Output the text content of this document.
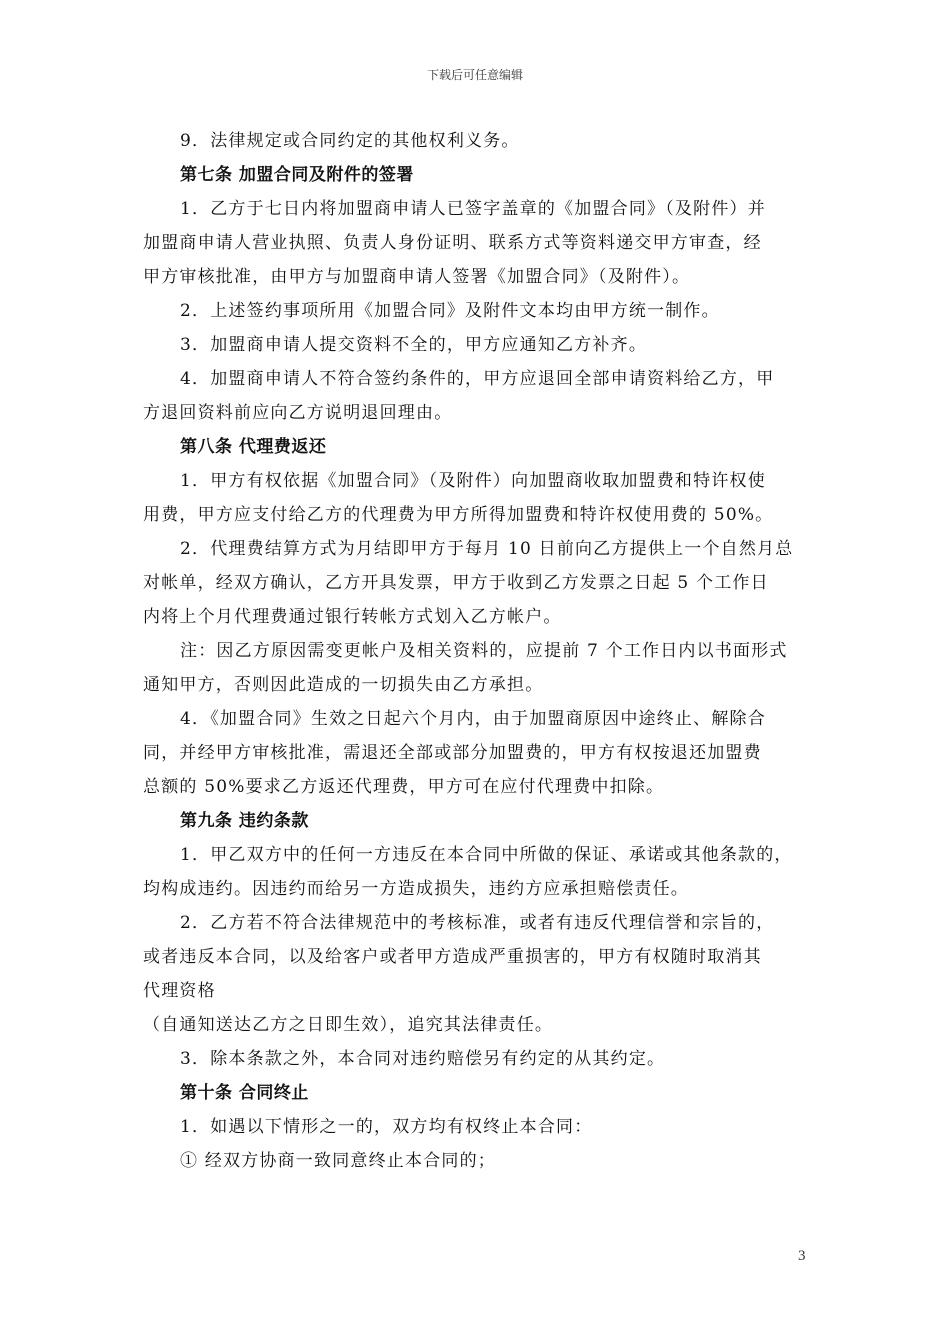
下载后可任意编辑
9．法律规定或合同约定的其他权利义务。
第七条 加盟合同及附件的签署
1．乙方于七日内将加盟商申请人已签字盖章的《加盟合同》（及附件）并
加盟商申请人营业执照、负责人身份证明、联系方式等资料递交甲方审查，经
甲方审核批准，由甲方与加盟商申请人签署《加盟合同》（及附件）。
2．上述签约事项所用《加盟合同》及附件文本均由甲方统一制作。
3．加盟商申请人提交资料不全的，甲方应通知乙方补齐。
4．加盟商申请人不符合签约条件的，甲方应退回全部申请资料给乙方，甲
方退回资料前应向乙方说明退回理由。
第八条 代理费返还
1．甲方有权依据《加盟合同》（及附件）向加盟商收取加盟费和特许权使
用费，甲方应支付给乙方的代理费为甲方所得加盟费和特许权使用费的 50%。
2．代理费结算方式为月结即甲方于每月 10 日前向乙方提供上一个自然月总
对帐单，经双方确认，乙方开具发票，甲方于收到乙方发票之日起 5 个工作日
内将上个月代理费通过银行转帐方式划入乙方帐户。
注：因乙方原因需变更帐户及相关资料的，应提前 7 个工作日内以书面形式
通知甲方，否则因此造成的一切损失由乙方承担。
4．《加盟合同》生效之日起六个月内，由于加盟商原因中途终止、解除合
同，并经甲方审核批准，需退还全部或部分加盟费的，甲方有权按退还加盟费
总额的 50%要求乙方返还代理费，甲方可在应付代理费中扣除。
第九条 违约条款
1．甲乙双方中的任何一方违反在本合同中所做的保证、承诺或其他条款的，
均构成违约。因违约而给另一方造成损失，违约方应承担赔偿责任。
2．乙方若不符合法律规范中的考核标准，或者有违反代理信誉和宗旨的，
或者违反本合同，以及给客户或者甲方造成严重损害的，甲方有权随时取消其
代理资格
（自通知送达乙方之日即生效），追究其法律责任。
3．除本条款之外，本合同对违约赔偿另有约定的从其约定。
第十条 合同终止
1．如遇以下情形之一的，双方均有权终止本合同：
① 经双方协商一致同意终止本合同的；
3
